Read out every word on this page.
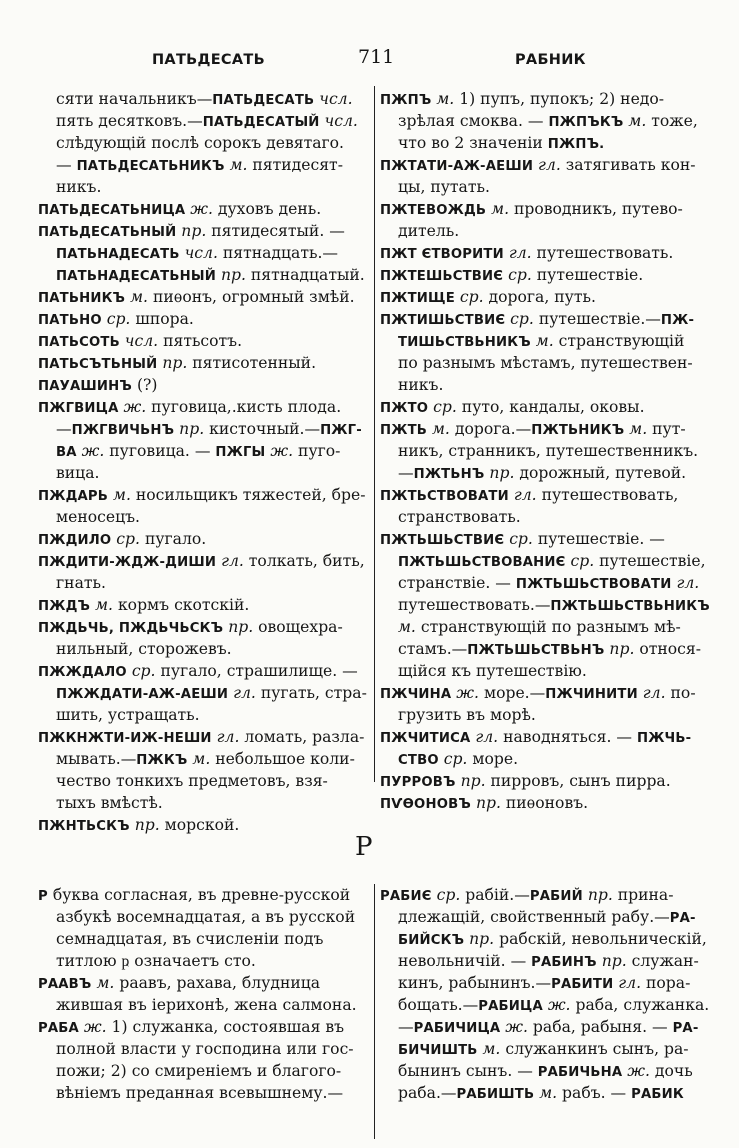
ПАТЬДЕСАТЬ	711	РАБНИК
сяти начальникъ—ПАТЬДЕСАТЬ чсл.
пять десятковъ.—ПАТЬДЕСАТЫЙ чсл.
слѣдующій послѣ сорокъ девятаго.
— ПАТЬДЕСАТЬНИКЪ м. пятидесят-
никъ.
ПАТЬДЕСАТЬНИЦА ж. духовъ день.
ПАТЬДЕСАТЬНЫЙ пр. пятидесятый. —
ПАТЬНАДЕСАТЬ чсл. пятнадцать.—
ПАТЬНАДЕСАТЬНЫЙ пр. пятнадцатый.
ПАТЬНИКЪ м. пиѳонъ, огромный змѣй.
ПАТЬНО ср. шпора.
ПАТЬСОТЬ чсл. пятьсотъ.
ПАТЬСЪТЬНЫЙ пр. пятисотенный.
ПАУАШИНЪ (?)
ПЖГВИЦА ж. пуговица,.кисть плода.
—ПЖГВИЧЬНЪ пр. кисточный.—ПЖГ-
ВА ж. пуговица. — ПЖГЫ ж. пуго-
вица.
ПЖДАРЬ м. носильщикъ тяжестей, бре-
меносецъ.
ПЖДИЛО ср. пугало.
ПЖДИТИ-ЖДЖ-ДИШИ гл. толкать, бить,
гнать.
ПЖДЪ м. кормъ скотскій.
ПЖДЬЧЬ, ПЖДЬЧЬСКЪ пр. овощехра-
нильный, сторожевъ.
ПЖЖДАЛО ср. пугало, страшилище. —
ПЖЖДАТИ-АЖ-АЕШИ гл. пугать, стра-
шить, устращать.
ПЖКНЖТИ-ИЖ-НЕШИ гл. ломать, разла-
мывать.—ПЖКЪ м. небольшое коли-
чество тонкихъ предметовъ, взя-
тыхъ вмѣстѣ.
ПЖНТЬСКЪ пр. морской.
ПЖПЪ м. 1) пупъ, пупокъ; 2) недо-
зрѣлая смоква. — ПЖПЪКЪ м. тоже,
что во 2 значеніи ПЖПЪ.
ПЖТАТИ-АЖ-АЕШИ гл. затягивать кон-
цы, путать.
ПЖТЕВОЖДЬ м. проводникъ, путево-
дитель.
ПЖТ ЄТВОРИТИ гл. путешествовать.
ПЖТЕШЬСТВИЄ ср. путешествіе.
ПЖТИЩЕ ср. дорога, путь.
ПЖТИШЬСТВИЄ ср. путешествіе.—ПЖ-
ТИШЬСТВЬНИКЪ м. странствующій
по разнымъ мѣстамъ, путешествен-
никъ.
ПЖТО ср. путо, кандалы, оковы.
ПЖТЬ м. дорога.—ПЖТЬНИКЪ м. пут-
никъ, странникъ, путешественникъ.
—ПЖТЬНЪ пр. дорожный, путевой.
ПЖТЬСТВОВАТИ гл. путешествовать,
странствовать.
ПЖТЬШЬСТВИЄ ср. путешествіе. —
ПЖТЬШЬСТВОВАНИЄ ср. путешествіе,
странствіе. — ПЖТЬШЬСТВОВАТИ гл.
путешествовать.—ПЖТЬШЬСТВЬНИКЪ
м. странствующій по разнымъ мѣ-
стамъ.—ПЖТЬШЬСТВЬНЪ пр. относя-
щійся къ путешествію.
ПЖЧИНА ж. море.—ПЖЧИНИТИ гл. по-
грузить въ морѣ.
ПЖЧИТИСА гл. наводняться. — ПЖЧЬ-
СТВО ср. море.
ПУРРОВЪ пр. пирровъ, сынъ пирра.
ПѴѲОНОВЪ пр. пиѳоновъ.
Р
Р буква согласная, въ древне-русской
азбукѣ восемнадцатая, а въ русской
семнадцатая, въ счисленіи подъ
титлою ҏ означаетъ сто.
РААВЪ м. раавъ, рахава, блудница
жившая въ іерихонѣ, жена салмона.
РАБА ж. 1) служанка, состоявшая въ
полной власти у господина или гос-
пожи; 2) со смиреніемъ и благого-
вѣніемъ преданная всевышнему.—
РАБИЄ ср. рабій.—РАБИЙ пр. прина-
длежащій, свойственный рабу.—РА-
БИЙСКЪ пр. рабскій, невольническій,
невольничій. — РАБИНЪ пр. служан-
кинъ, рабынинъ.—РАБИТИ гл. пора-
бощать.—РАБИЦА ж. раба, служанка.
—РАБИЧИЦА ж. раба, рабыня. — РА-
БИЧИШТЬ м. служанкинъ сынъ, ра-
бынинъ сынъ. — РАБИЧЬНА ж. дочь
раба.—РАБИШТЬ м. рабъ. — РАБИК
